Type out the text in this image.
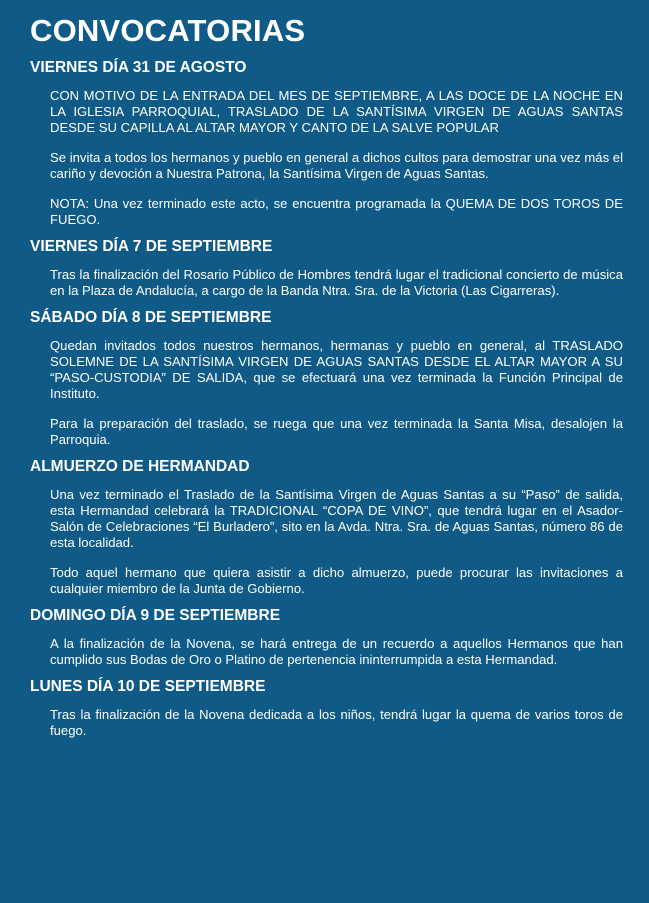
CONVOCATORIAS
VIERNES DÍA 31 DE AGOSTO

CON MOTIVO DE LA ENTRADA DEL MES DE SEPTIEMBRE, A LAS DOCE DE LA NOCHE EN LA IGLESIA PARROQUIAL, TRASLADO DE LA SANTÍSIMA VIRGEN DE AGUAS SANTAS DESDE SU CAPILLA AL ALTAR MAYOR Y CANTO DE LA SALVE POPULAR

Se invita a todos los hermanos y pueblo en general a dichos cultos para demostrar una vez más el cariño y devoción a Nuestra Patrona, la Santísima Virgen de Aguas Santas.

NOTA: Una vez terminado este acto, se encuentra programada la QUEMA DE DOS TOROS DE FUEGO.

VIERNES DÍA 7 DE SEPTIEMBRE

Tras la finalización del Rosario Público de Hombres tendrá lugar el tradicional concierto de música en la Plaza de Andalucía, a cargo de la Banda Ntra. Sra. de la Victoria (Las Cigarreras).

SÁBADO DÍA 8 DE SEPTIEMBRE

Quedan invitados todos nuestros hermanos, hermanas y pueblo en general, al TRASLADO SOLEMNE DE LA SANTÍSIMA VIRGEN DE AGUAS SANTAS DESDE EL ALTAR MAYOR A SU “PASO-CUSTODIA” DE SALIDA, que se efectuará una vez terminada la Función Principal de Instituto.

Para la preparación del traslado, se ruega que una vez terminada la Santa Misa, desalojen la Parroquia.

ALMUERZO DE HERMANDAD

Una vez terminado el Traslado de la Santísima Virgen de Aguas Santas a su “Paso” de salida, esta Hermandad celebrará la TRADICIONAL “COPA DE VINO”, que tendrá lugar en el Asador-Salón de Celebraciones “El Burladero”, sito en la Avda. Ntra. Sra. de Aguas Santas, número 86 de esta localidad.

Todo aquel hermano que quiera asistir a dicho almuerzo, puede procurar las invitaciones a cualquier miembro de la Junta de Gobierno.

DOMINGO DÍA 9 DE SEPTIEMBRE

A la finalización de la Novena, se hará entrega de un recuerdo a aquellos Hermanos que han cumplido sus Bodas de Oro o Platino de pertenencia ininterrumpida a esta Hermandad.

LUNES DÍA 10 DE SEPTIEMBRE

Tras la finalización de la Novena dedicada a los niños, tendrá lugar la quema de varios toros de fuego.
